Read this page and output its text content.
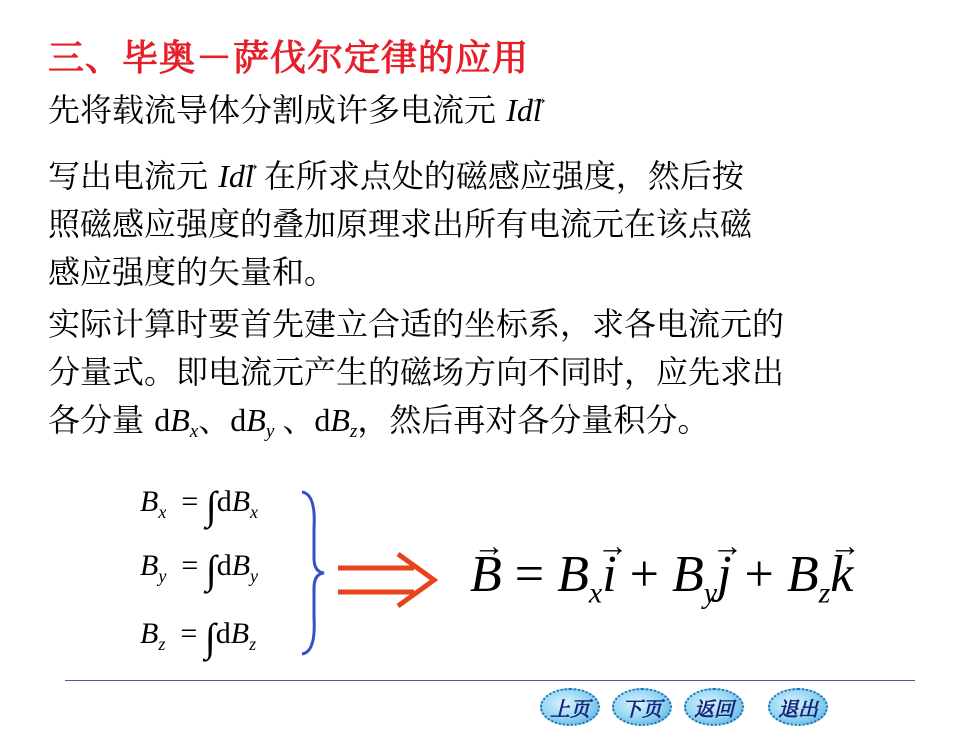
三、毕奥－萨伐尔定律的应用
先将载流导体分割成许多电流元 Idl →
写出电流元 Idl → 在所求点处的磁感应强度，然后按
照磁感应强度的叠加原理求出所有电流元在该点磁
感应强度的矢量和。
实际计算时要首先建立合适的坐标系，求各电流元的
分量式。即电流元产生的磁场方向不同时，应先求出
各分量 $dB_x$、$dB_y$ 、$dB_z$，然后再对各分量积分。
$B_x = \int dB_x$
$B_y = \int dB_y$
$B_z = \int dB_z$
B → = $B_xi$ → + $B_yj$ → + $B_zk$ →
上页	下页	返回	退出
